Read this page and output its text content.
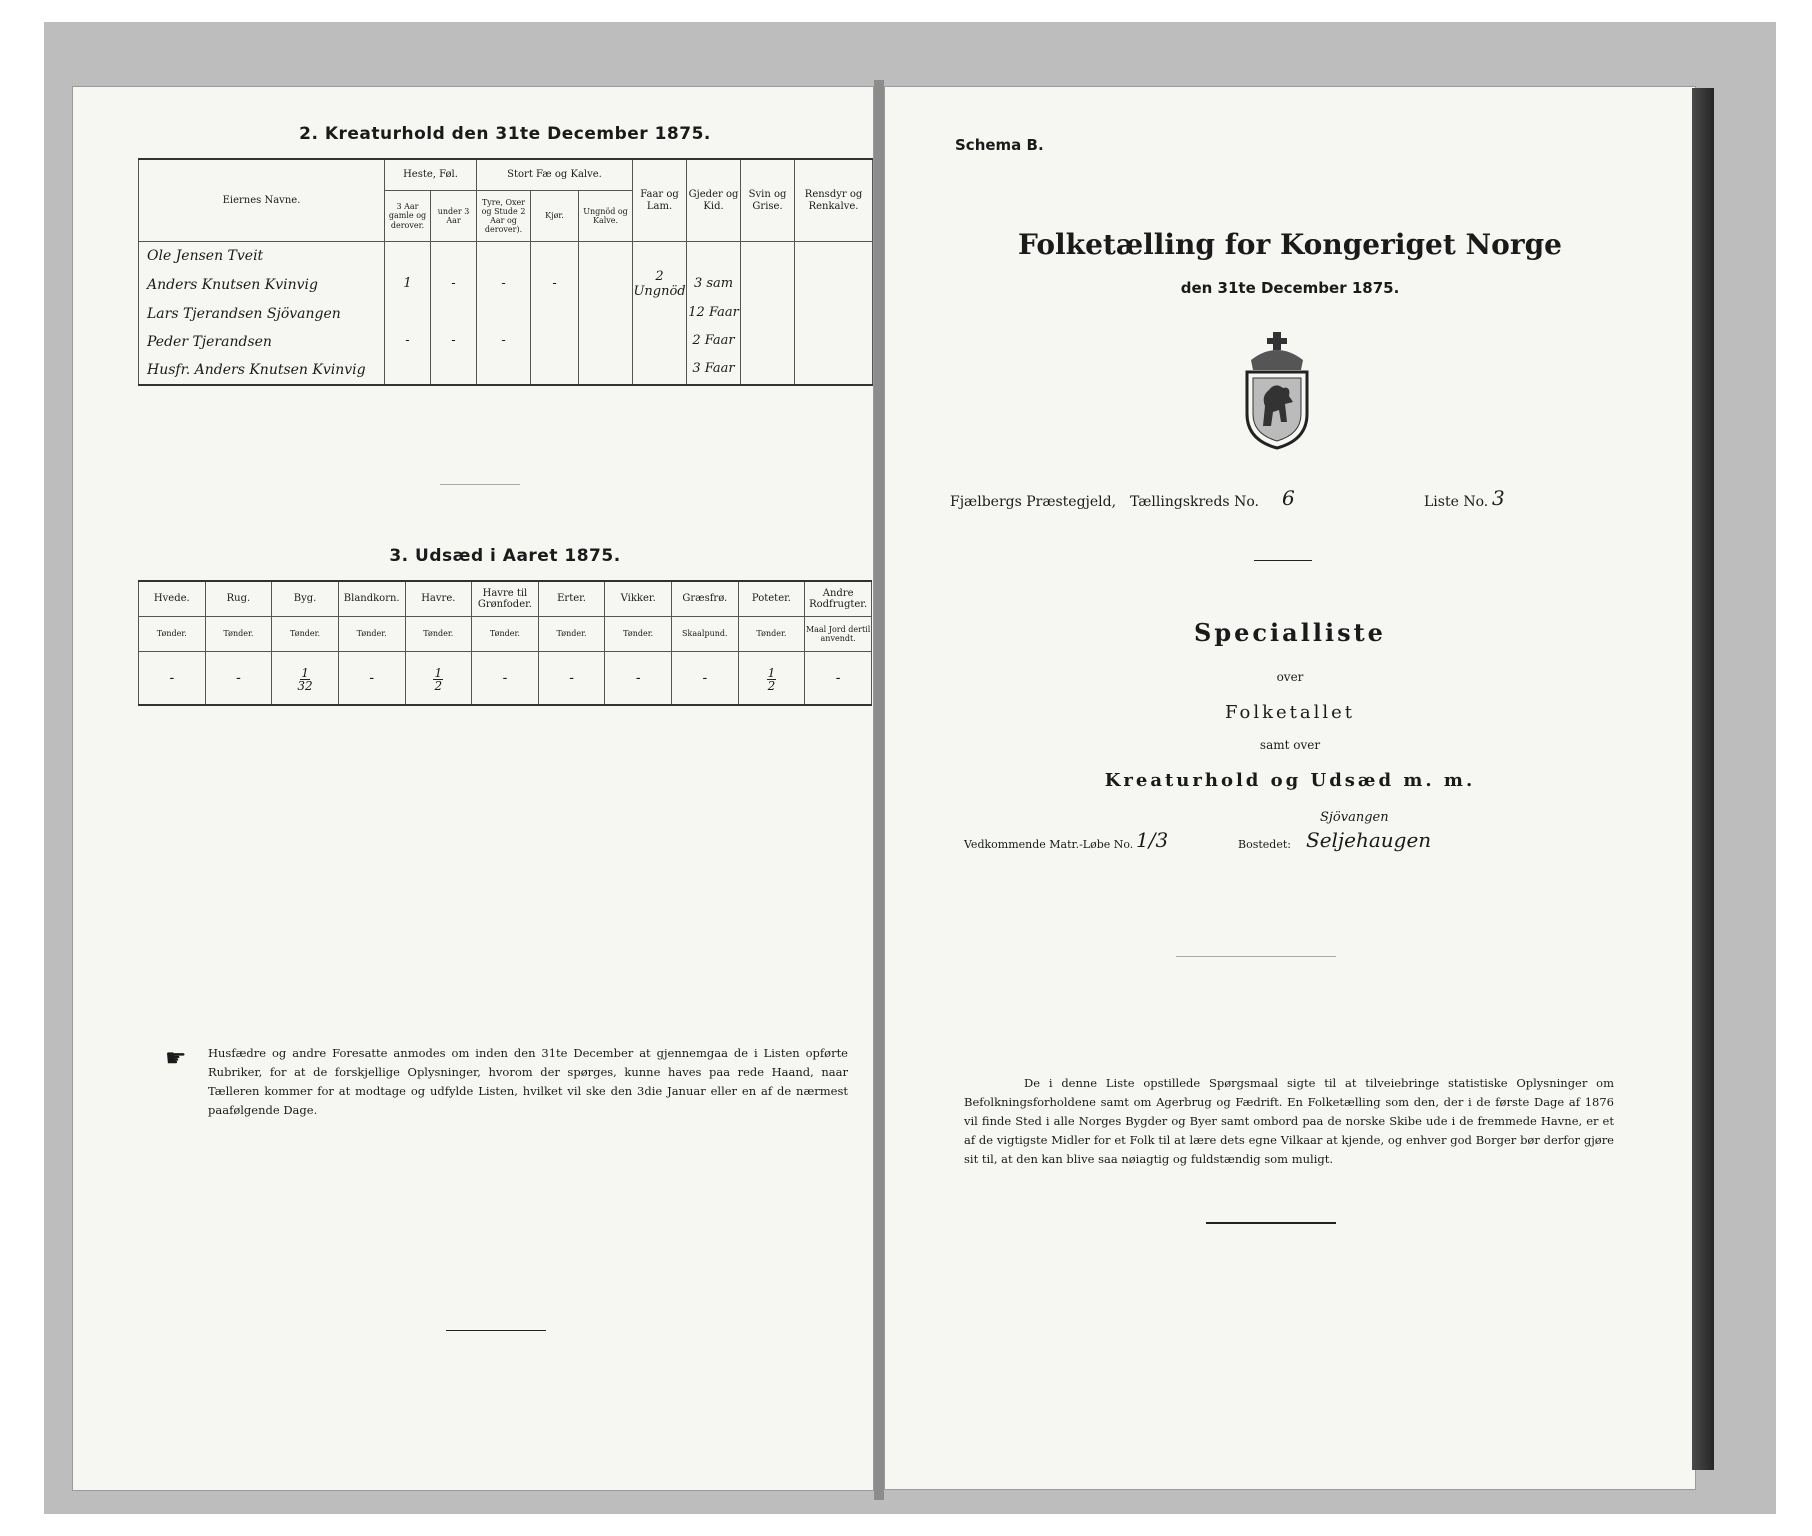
2. Kreaturhold den 31te December 1875.
Eiernes Navne.	Heste, Føl.		Stort Fæ og Kalve.			Faar og Lam.	Gjeder og Kid.	Svin og Grise.	Rensdyr og Renkalve.
	3 Aar gamle og derover.	under 3 Aar	Tyre, Oxer og Stude 2 Aar og derover).	Kjør.	Ungnöd og Kalve.				
Ole Jensen Tveit									
Anders Knutsen Kvinvig	1	-	-	-		2 Ungnöd	3 sam		
Lars Tjerandsen Sjövangen							12 Faar		
Peder Tjerandsen	-	-	-				2 Faar		
Husfr. Anders Knutsen Kvinvig							3 Faar		
3. Udsæd i Aaret 1875.
Hvede.	Rug.	Byg.	Blandkorn.	Havre.	Havre til Grønfoder.	Erter.	Vikker.	Græsfrø.	Poteter.	Andre Rodfrugter.
Tønder.	Tønder.	Tønder.	Tønder.	Tønder.	Tønder.	Tønder.	Tønder.	Skaalpund.	Tønder.	Maal Jord dertil anvendt.
-	-	$\frac{1}{32}$	-	$\frac{1}{2}$	-	-	-	-	$\frac{1}{2}$	-
☛ Husfædre og andre Foresatte anmodes om inden den 31te December at gjennemgaa de i Listen opførte Rubriker, for at de forskjellige Oplysninger, hvorom der spørges, kunne haves paa rede Haand, naar Tælleren kommer for at modtage og udfylde Listen, hvilket vil ske den 3die Januar eller en af de nærmest paafølgende Dage.
Schema B.
Folketælling for Kongeriget Norge
den 31te December 1875.
Fjælbergs Præstegjeld, Tællingskreds No. 6	Liste No. 3
Specialliste
over
Folketallet
samt over
Kreaturhold og Udsæd m. m.
Vedkommende Matr.-Løbe No. 1/3	Bostedet:
Sjövangen
Seljehaugen
De i denne Liste opstillede Spørgsmaal sigte til at tilveiebringe statistiske Oplysninger om Befolkningsforholdene samt om Agerbrug og Fædrift. En Folketælling som den, der i de første Dage af 1876 vil finde Sted i alle Norges Bygder og Byer samt ombord paa de norske Skibe ude i de fremmede Havne, er et af de vigtigste Midler for et Folk til at lære dets egne Vilkaar at kjende, og enhver god Borger bør derfor gjøre sit til, at den kan blive saa nøiagtig og fuldstændig som muligt.
